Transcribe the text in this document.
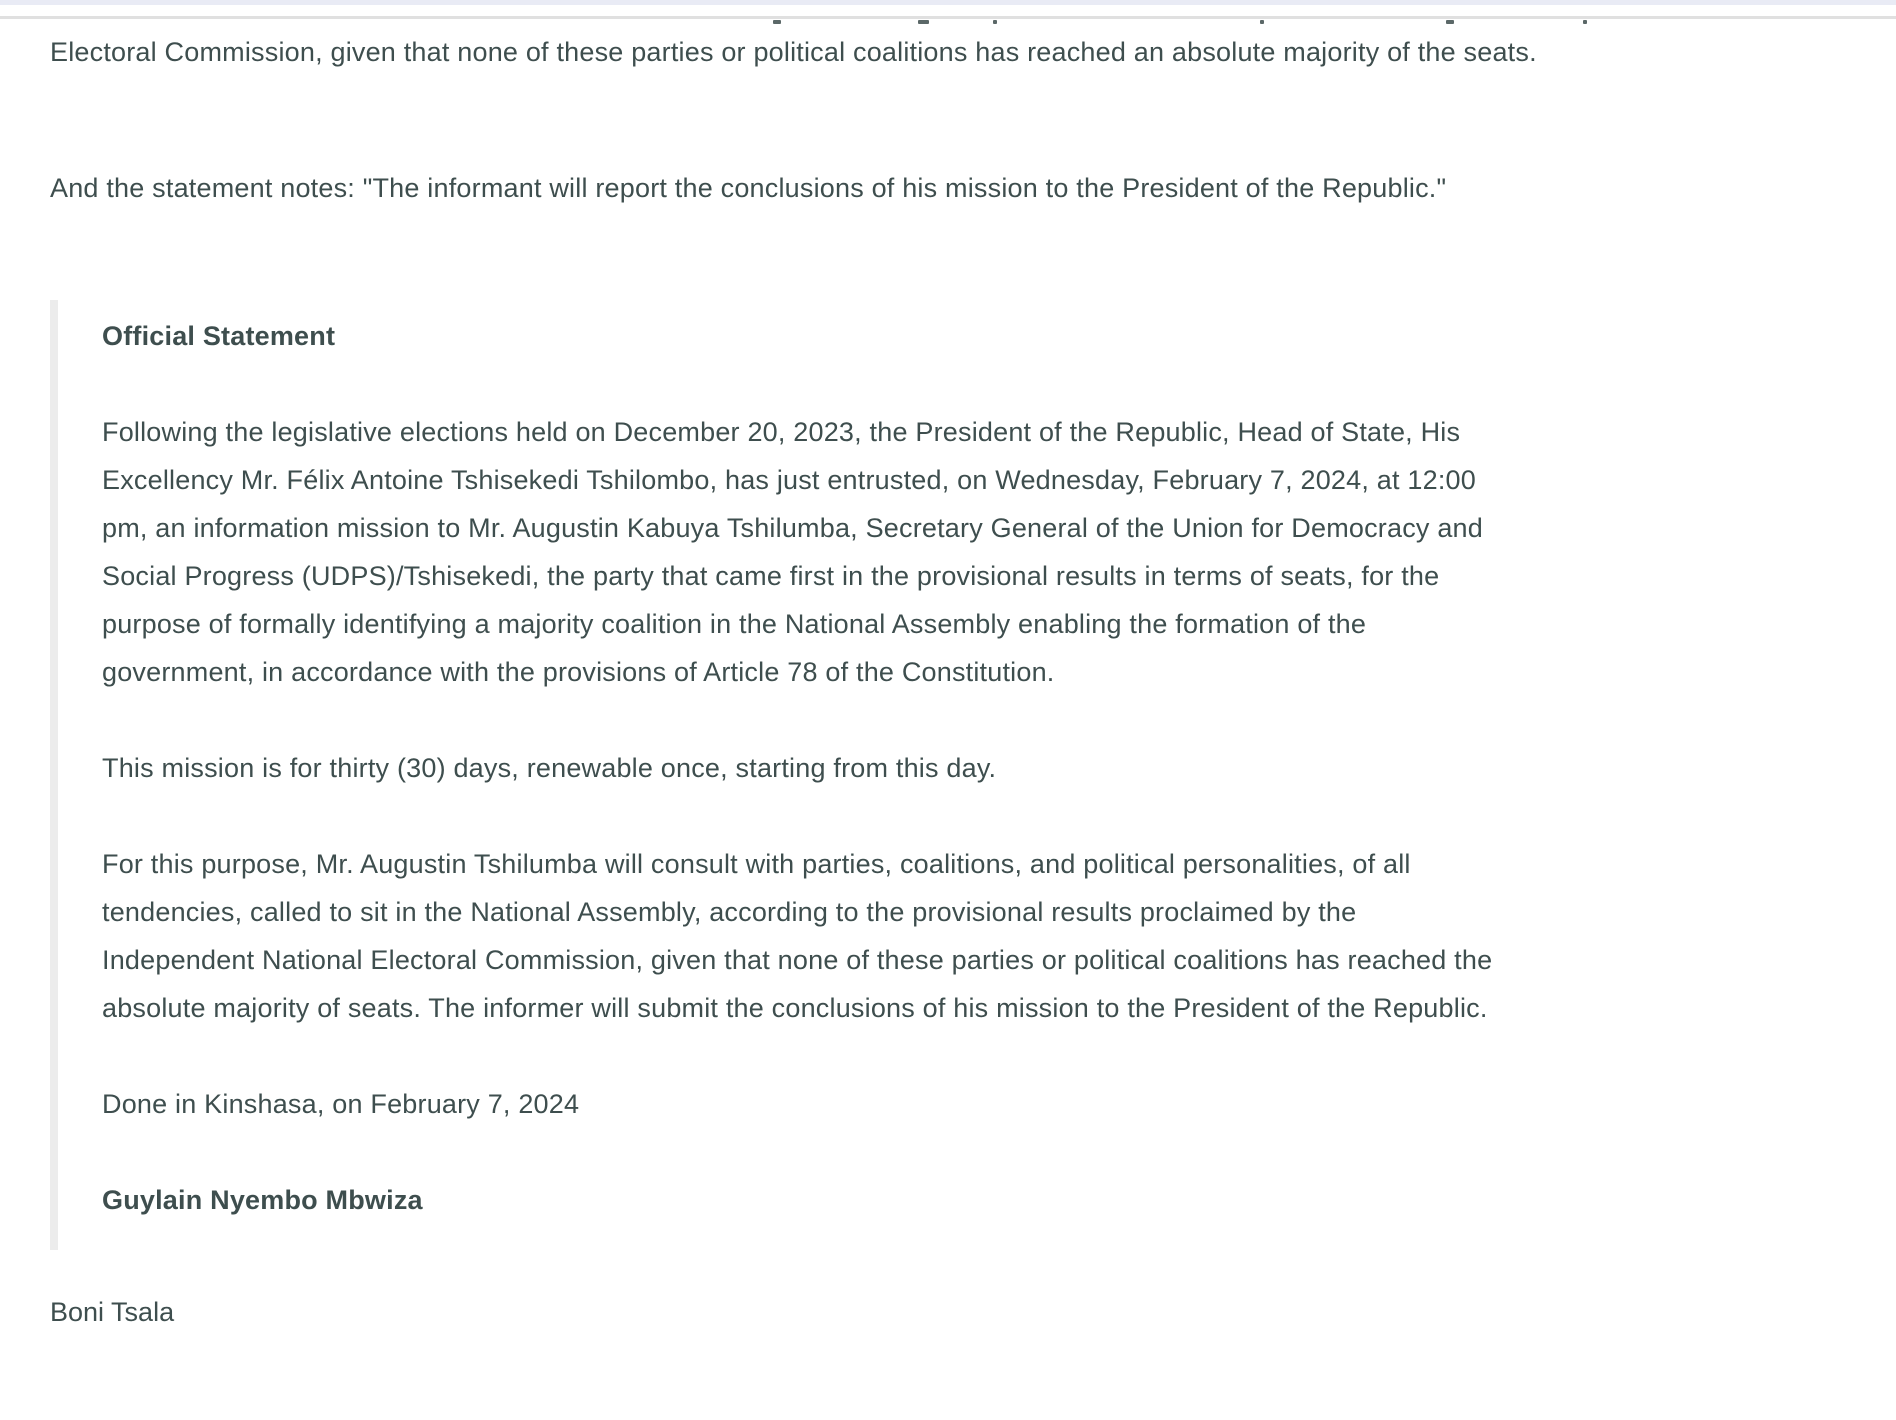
Electoral Commission, given that none of these parties or political coalitions has reached an absolute majority of the seats.

And the statement notes: "The informant will report the conclusions of his mission to the President of the Republic."

Official Statement

Following the legislative elections held on December 20, 2023, the President of the Republic, Head of State, His Excellency Mr. Félix Antoine Tshisekedi Tshilombo, has just entrusted, on Wednesday, February 7, 2024, at 12:00 pm, an information mission to Mr. Augustin Kabuya Tshilumba, Secretary General of the Union for Democracy and Social Progress (UDPS)/Tshisekedi, the party that came first in the provisional results in terms of seats, for the purpose of formally identifying a majority coalition in the National Assembly enabling the formation of the government, in accordance with the provisions of Article 78 of the Constitution.

This mission is for thirty (30) days, renewable once, starting from this day.

For this purpose, Mr. Augustin Tshilumba will consult with parties, coalitions, and political personalities, of all tendencies, called to sit in the National Assembly, according to the provisional results proclaimed by the Independent National Electoral Commission, given that none of these parties or political coalitions has reached the absolute majority of seats. The informer will submit the conclusions of his mission to the President of the Republic.

Done in Kinshasa, on February 7, 2024

Guylain Nyembo Mbwiza

Boni Tsala
